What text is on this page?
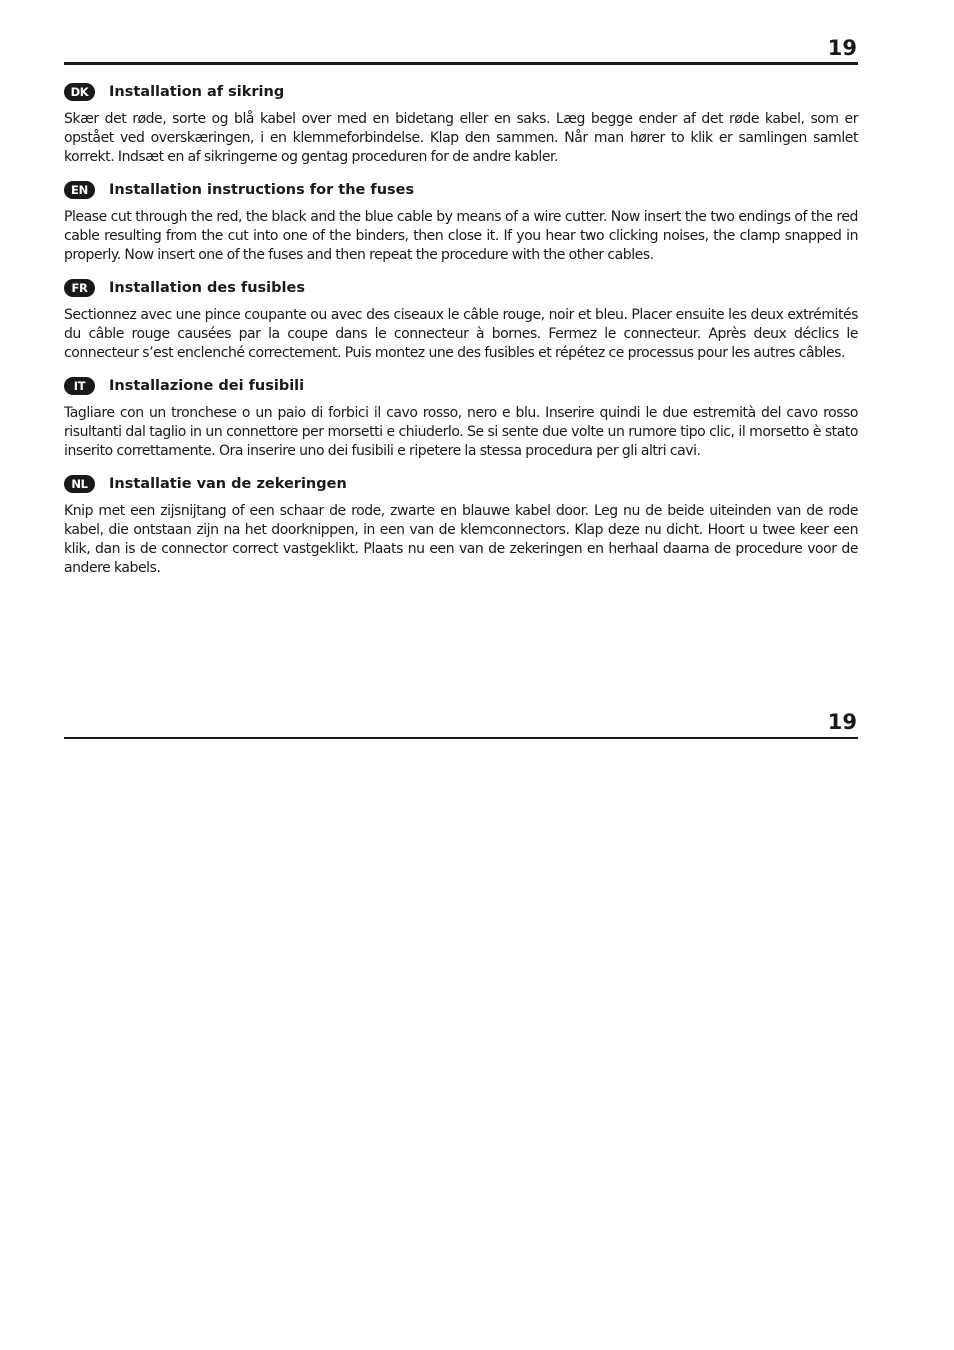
19
DK	Installation af sikring

Skær det røde, sorte og blå kabel over med en bidetang eller en saks. Læg begge ender af det røde kabel, som er opstået ved overskæringen, i en klemmeforbindelse. Klap den sammen. Når man hører to klik er samlingen samlet korrekt. Indsæt en af sikringerne og gentag proceduren for de andre kabler.

EN	Installation instructions for the fuses

Please cut through the red, the black and the blue cable by means of a wire cutter. Now insert the two endings of the red cable resulting from the cut into one of the binders, then close it. If you hear two clicking noises, the clamp snapped in properly. Now insert one of the fuses and then repeat the procedure with the other cables.

FR	Installation des fusibles

Sectionnez avec une pince coupante ou avec des ciseaux le câble rouge, noir et bleu. Placer ensuite les deux extrémités du câble rouge causées par la coupe dans le connecteur à bornes. Fermez le connecteur. Après deux déclics le connecteur s’est enclenché correctement. Puis montez une des fusibles et répétez ce processus pour les autres câbles.

IT	Installazione dei fusibili

Tagliare con un tronchese o un paio di forbici il cavo rosso, nero e blu. Inserire quindi le due estremità del cavo rosso risultanti dal taglio in un connettore per morsetti e chiuderlo. Se si sente due volte un rumore tipo clic, il morsetto è stato inserito correttamente. Ora inserire uno dei fusibili e ripetere la stessa procedura per gli altri cavi.

NL	Installatie van de zekeringen

Knip met een zijsnijtang of een schaar de rode, zwarte en blauwe kabel door. Leg nu de beide uiteinden van de rode kabel, die ontstaan zijn na het doorknippen, in een van de klemconnectors. Klap deze nu dicht. Hoort u twee keer een klik, dan is de connector correct vastgeklikt. Plaats nu een van de zekeringen en herhaal daarna de procedure voor de andere kabels.

19
